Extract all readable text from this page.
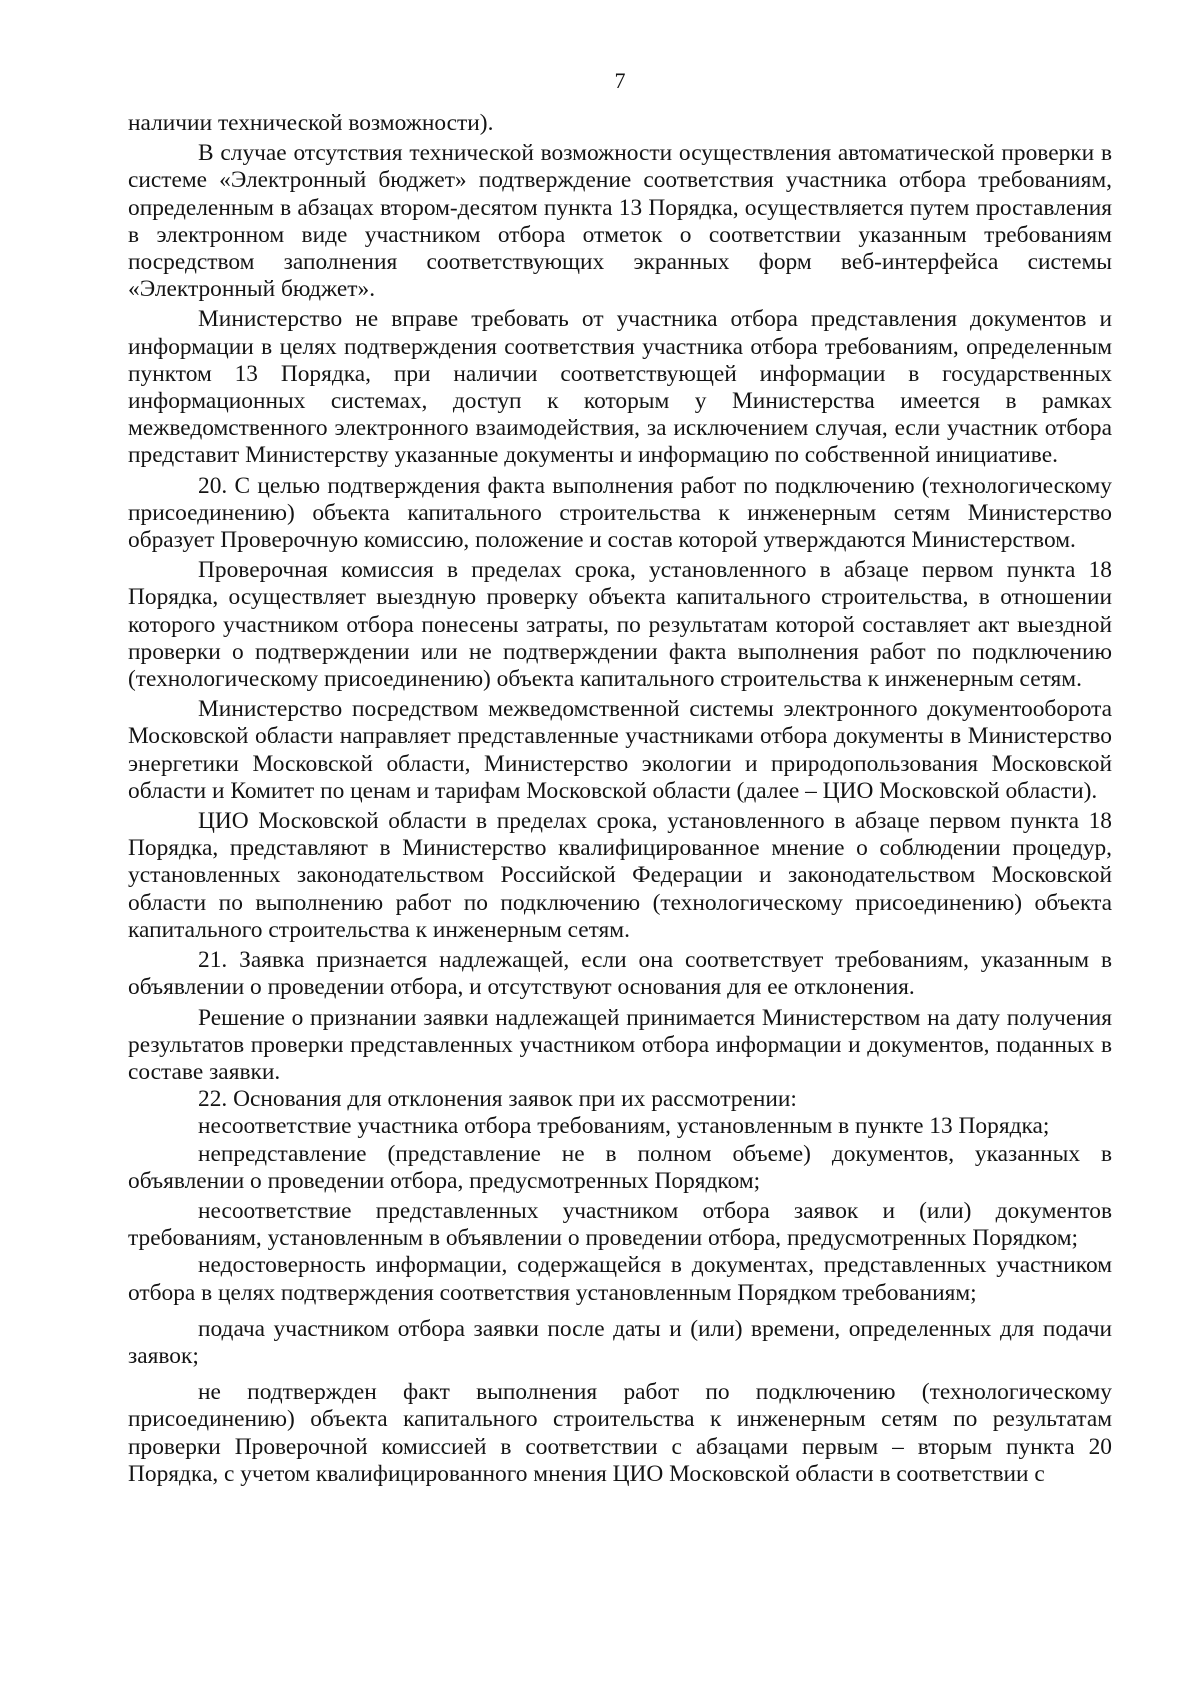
7

наличии технической возможности).

В случае отсутствия технической возможности осуществления автоматической проверки в системе «Электронный бюджет» подтверждение соответствия участника отбора требованиям, определенным в абзацах втором-десятом пункта 13 Порядка, осуществляется путем проставления в электронном виде участником отбора отметок о соответствии указанным требованиям посредством заполнения соответствующих экранных форм веб-интерфейса системы «Электронный бюджет».

Министерство не вправе требовать от участника отбора представления документов и информации в целях подтверждения соответствия участника отбора требованиям, определенным пунктом 13 Порядка, при наличии соответствующей информации в государственных информационных системах, доступ к которым у Министерства имеется в рамках межведомственного электронного взаимодействия, за исключением случая, если участник отбора представит Министерству указанные документы и информацию по собственной инициативе.

20. С целью подтверждения факта выполнения работ по подключению (технологическому присоединению) объекта капитального строительства к инженерным сетям Министерство образует Проверочную комиссию, положение и состав которой утверждаются Министерством.

Проверочная комиссия в пределах срока, установленного в абзаце первом пункта 18 Порядка, осуществляет выездную проверку объекта капитального строительства, в отношении которого участником отбора понесены затраты, по результатам которой составляет акт выездной проверки о подтверждении или не подтверждении факта выполнения работ по подключению (технологическому присоединению) объекта капитального строительства к инженерным сетям.

Министерство посредством межведомственной системы электронного документооборота Московской области направляет представленные участниками отбора документы в Министерство энергетики Московской области, Министерство экологии и природопользования Московской области и Комитет по ценам и тарифам Московской области (далее – ЦИО Московской области).

ЦИО Московской области в пределах срока, установленного в абзаце первом пункта 18 Порядка, представляют в Министерство квалифицированное мнение о соблюдении процедур, установленных законодательством Российской Федерации и законодательством Московской области по выполнению работ по подключению (технологическому присоединению) объекта капитального строительства к инженерным сетям.

21. Заявка признается надлежащей, если она соответствует требованиям, указанным в объявлении о проведении отбора, и отсутствуют основания для ее отклонения.

Решение о признании заявки надлежащей принимается Министерством на дату получения результатов проверки представленных участником отбора информации и документов, поданных в составе заявки.

22. Основания для отклонения заявок при их рассмотрении:

несоответствие участника отбора требованиям, установленным в пункте 13 Порядка;

непредставление (представление не в полном объеме) документов, указанных в объявлении о проведении отбора, предусмотренных Порядком;

несоответствие представленных участником отбора заявок и (или) документов требованиям, установленным в объявлении о проведении отбора, предусмотренных Порядком;

недостоверность информации, содержащейся в документах, представленных участником отбора в целях подтверждения соответствия установленным Порядком требованиям;

подача участником отбора заявки после даты и (или) времени, определенных для подачи заявок;

не подтвержден факт выполнения работ по подключению (технологическому присоединению) объекта капитального строительства к инженерным сетям по результатам проверки Проверочной комиссией в соответствии с абзацами первым – вторым пункта 20 Порядка, с учетом квалифицированного мнения ЦИО Московской области в соответствии с
